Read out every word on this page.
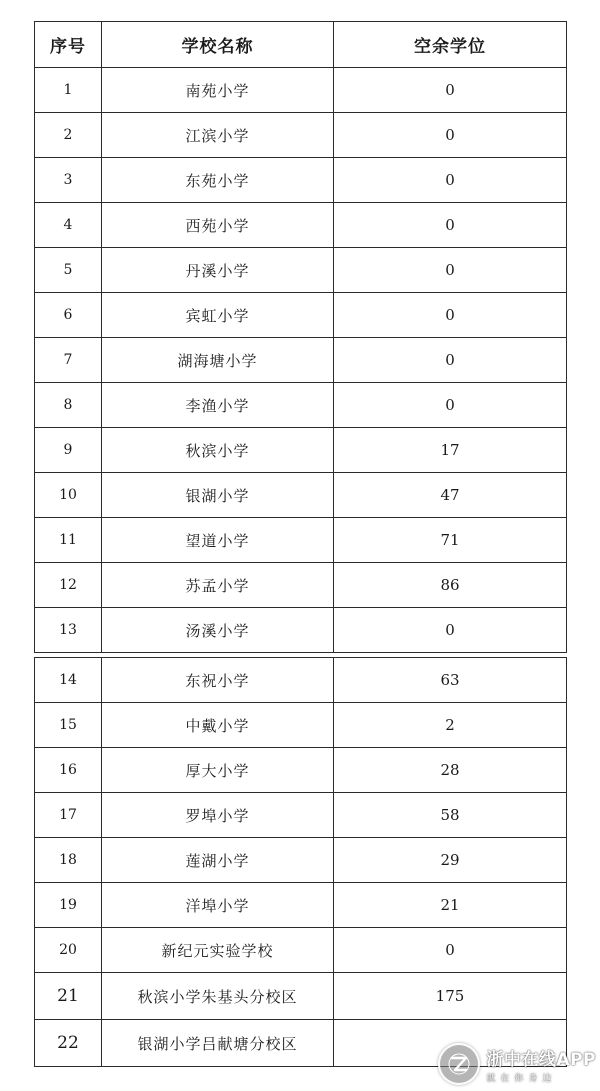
序号	学校名称	空余学位
1	南苑小学	0
2	江滨小学	0
3	东苑小学	0
4	西苑小学	0
5	丹溪小学	0
6	宾虹小学	0
7	湖海塘小学	0
8	李渔小学	0
9	秋滨小学	17
10	银湖小学	47
11	望道小学	71
12	苏孟小学	86
13	汤溪小学	0
14	东祝小学	63
15	中戴小学	2
16	厚大小学	28
17	罗埠小学	58
18	莲湖小学	29
19	洋埠小学	21
20	新纪元实验学校	0
21	秋滨小学朱基头分校区	175
22	银湖小学吕献塘分校区	
浙中在线APP
就在你身边
